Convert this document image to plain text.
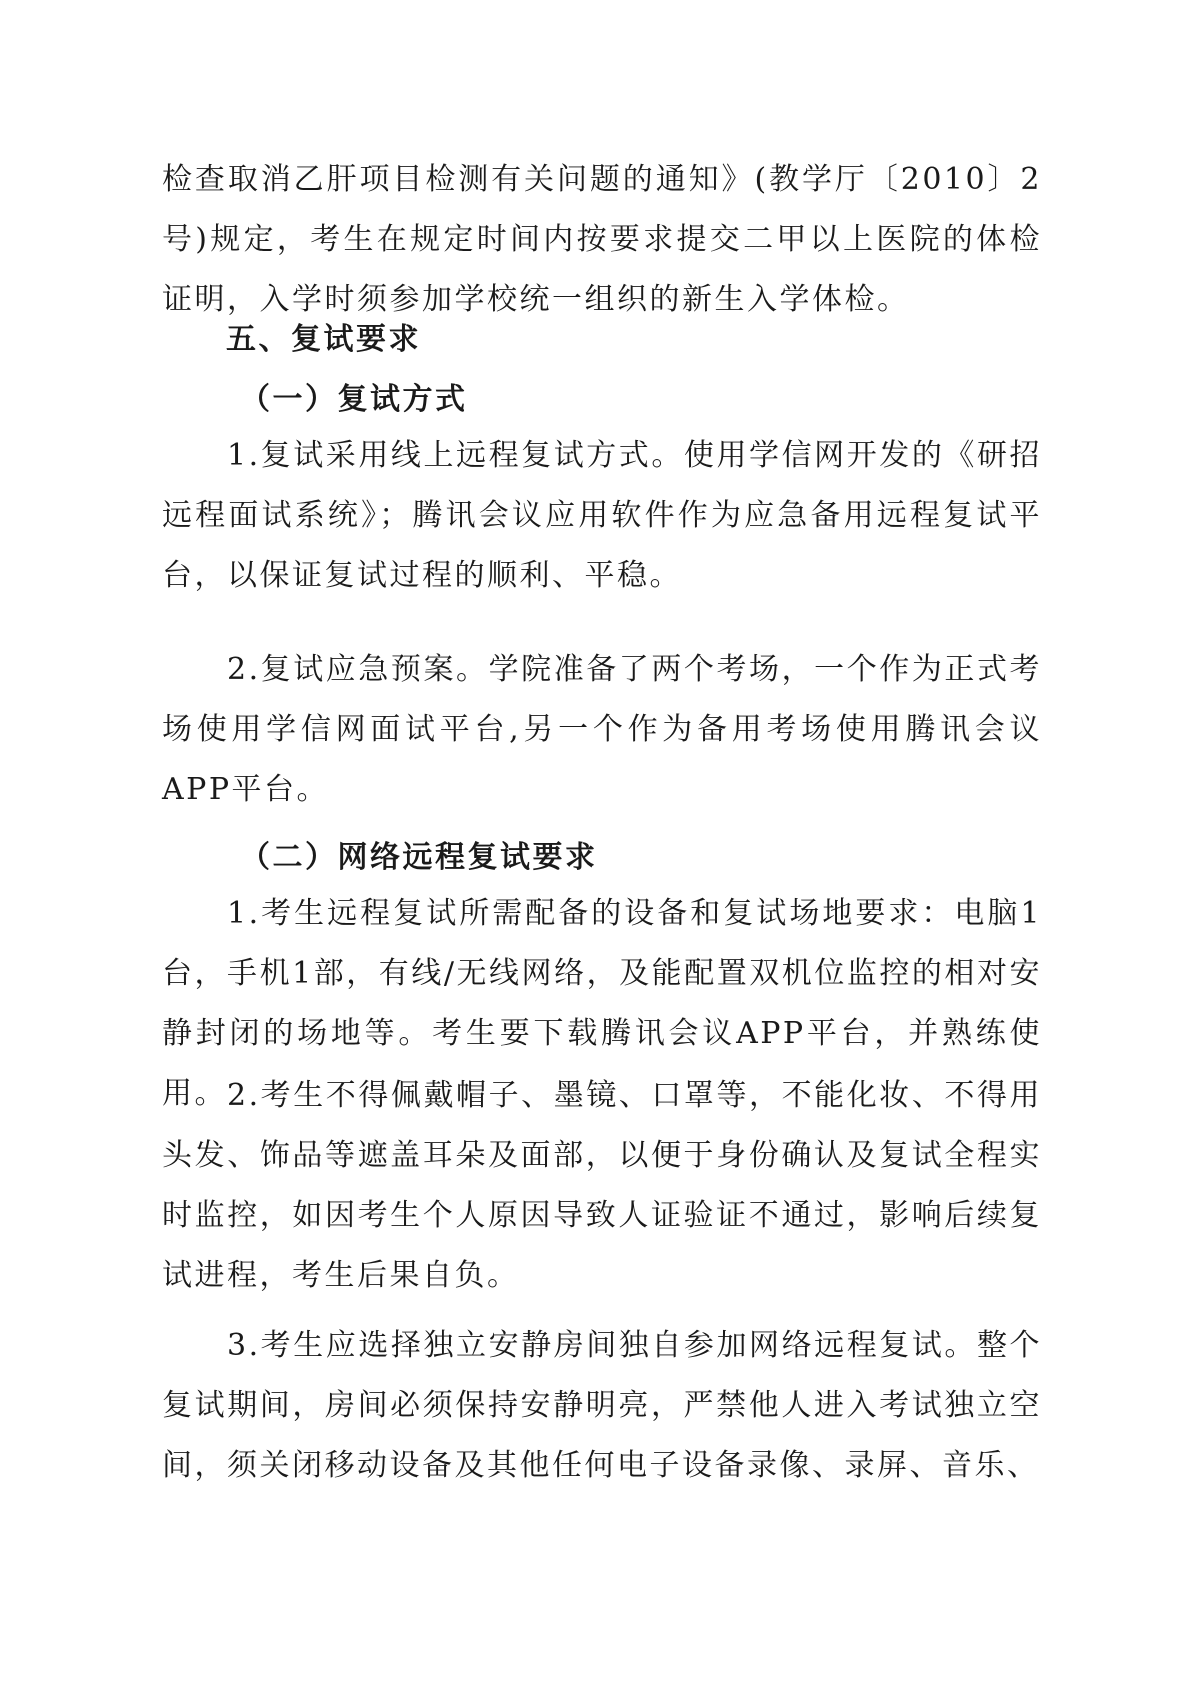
检查取消乙肝项目检测有关问题的通知》(教学厅〔2010〕2号)规定，考生在规定时间内按要求提交二甲以上医院的体检证明，入学时须参加学校统一组织的新生入学体检。

五、复试要求
（一）复试方式

1.复试采用线上远程复试方式。使用学信网开发的《研招远程面试系统》；腾讯会议应用软件作为应急备用远程复试平台，以保证复试过程的顺利、平稳。

2.复试应急预案。学院准备了两个考场，一个作为正式考场使用学信网面试平台,另一个作为备用考场使用腾讯会议APP平台。

（二）网络远程复试要求

1.考生远程复试所需配备的设备和复试场地要求：电脑1台，手机1部，有线/无线网络，及能配置双机位监控的相对安静封闭的场地等。考生要下载腾讯会议APP平台，并熟练使用。 2.考生不得佩戴帽子、墨镜、口罩等，不能化妆、不得用头发、饰品等遮盖耳朵及面部，以便于身份确认及复试全程实时监控，如因考生个人原因导致人证验证不通过，影响后续复试进程，考生后果自负。

3.考生应选择独立安静房间独自参加网络远程复试。整个复试期间，房间必须保持安静明亮，严禁他人进入考试独立空间，须关闭移动设备及其他任何电子设备录像、录屏、音乐、
